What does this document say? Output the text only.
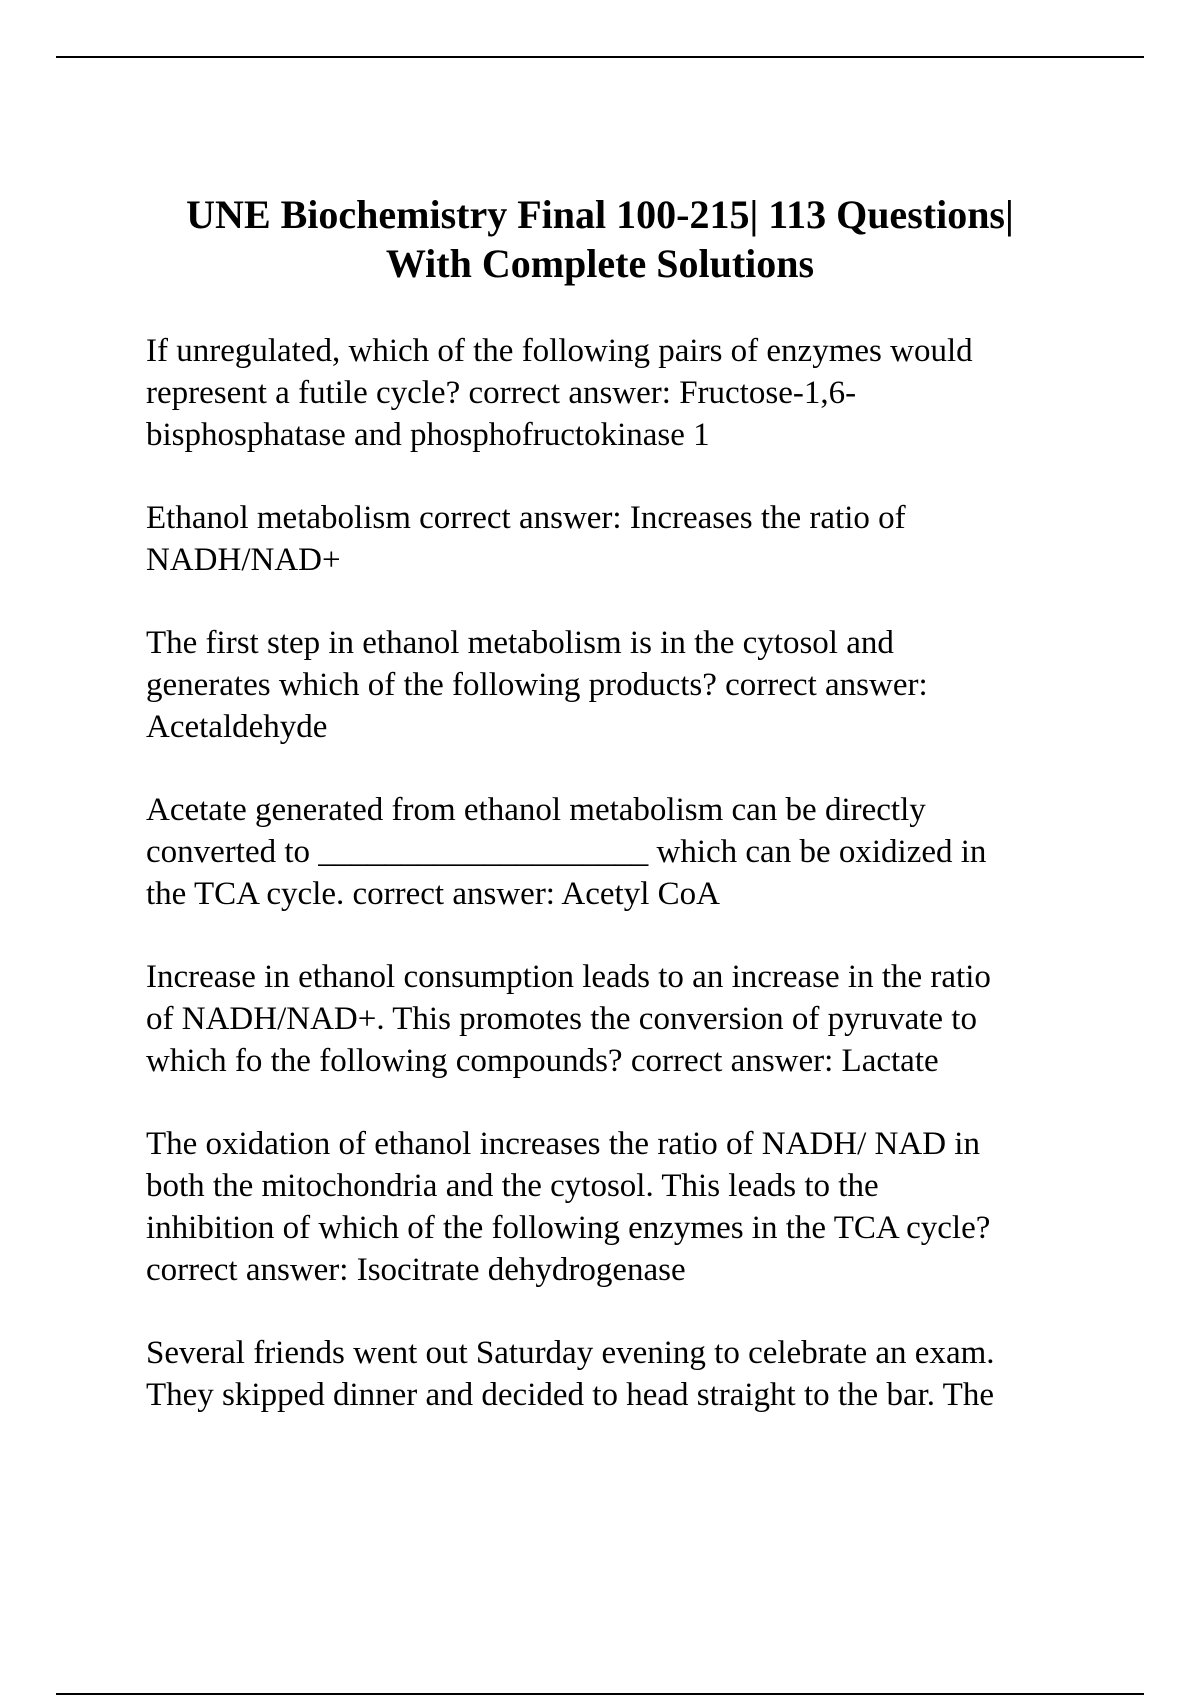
UNE Biochemistry Final 100-215| 113 Questions|
With Complete Solutions

If unregulated, which of the following pairs of enzymes would
represent a futile cycle? correct answer: Fructose-1,6-
bisphosphatase and phosphofructokinase 1

Ethanol metabolism correct answer: Increases the ratio of
NADH/NAD+

The first step in ethanol metabolism is in the cytosol and
generates which of the following products? correct answer:
Acetaldehyde

Acetate generated from ethanol metabolism can be directly
converted to ____________________ which can be oxidized in
the TCA cycle. correct answer: Acetyl CoA

Increase in ethanol consumption leads to an increase in the ratio
of NADH/NAD+. This promotes the conversion of pyruvate to
which fo the following compounds? correct answer: Lactate

The oxidation of ethanol increases the ratio of NADH/ NAD in
both the mitochondria and the cytosol. This leads to the
inhibition of which of the following enzymes in the TCA cycle?
correct answer: Isocitrate dehydrogenase

Several friends went out Saturday evening to celebrate an exam.
They skipped dinner and decided to head straight to the bar. The
